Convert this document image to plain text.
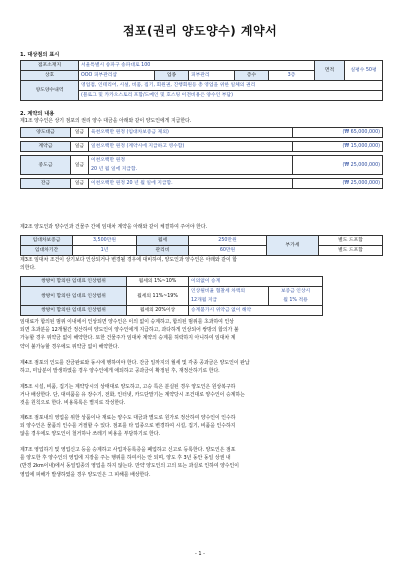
점포(권리 양도양수) 계약서
1. 대상점의 표시
점포소재지	서울특별시 송파구 송파대로 100					면적	실평수 50평
상호	OOO 피부관리샵	업종	피부관리	층수	3층		
양도양수내역	영업점, 인테리어, 시설, 비품, 집기, 회원권, 진행회원등 총 영업을 위한 일체의 권리						
	(블로그 및 카카오스토리 포함/도메인 및 호스팅 이전비용은 양수인 부담)						
2. 계약의 내용
제1조 양수인은 상기 점포의 권리 양수 대금을 아래와 같이 양도인에게 지급한다.
양도대금	일금	육천오백만 원정 (임대차보증금 제외)	(₩ 65,000,000)

계약금	일금	일천오백만 원정 (계약시에 지급하고 영수함)	(₩ 15,000,000)

중도금	일금	이천오백만 원정	(₩ 25,000,000)
		20 년 월 일에 지급함.	

잔금	일금	이천오백만 원정 20 년 월 일에 지급함.	(₩ 25,000,000)
제2조 양도인과 양수인과 건물주 간에 임대차 계약을 아래와 같이 체결하여 주어야 한다.
임대차보증금	3,500만원	월세	250만원	부가세	별도 드포함
임대차기간	1년	관리비	60만원		별도 드포함
제3조 임대차 조건이 상기보다 인상되거나 변경될 경우에 대비하여, 양도인과 양수인은 아래와 같이 합
의한다.
쌍방이 합의한 임대료 인상범위	월세의 1%~10%	이의없이 승계	
쌍방이 합의한 임대료 인상범위	월세의 11%~19%	인상될비율 협찰세 차액의	보증금 인상시
		12개월 지급	월 1% 적용
쌍방이 합의한 임대료 인상범위	월세의 20%이상	승계불가시 위약금 없이 해약	
임대료가 합의된 범위 이내에서 인상되면 양수인은 이의 없이 승계하고, 합의된 범위를 초과하여 인상
되면 초과분을 12개월간 정산하여 양도인이 양수인에게 지급하고, 과다하게 인상되어 쌍방의 합의가 불
가능할 경우 위약금 없이 해약한다. 또한 건물주가 임대차 계약의 승계를 허락하지 아니하여 임대차 계
약이 불가능할 경우에도 위약금 없이 해약한다.
제4조 점포의 인도를 잔금완료와 동시에 행하여야 한다. 잔금 일까지의 월세 및 각종 공과금은 양도인이 완납
하고, 미납분이 발생하였을 경우 양수인에게 애되하고 공과금이 확정된 후, 재정산하기로 한다.
제5조 시설, 비품, 집기는 계약당시의 상태대로 양도하고, 고승 특은 분실된 경우 양도인은 원상복구하
거나 배상한다. 단, 대여품을 유 장수기, 전화, 인터넷, 카드단말기는 계약당시 조건대로 양수인이 승계하는
것을 원칙으로 한다. 비용목록은 별지로 작성한다.
제6조 점포내의 영업을 위한 상품이나 재료는 양수도 대금과 별도로 원가로 정산하여 양수인이 인수하
되 양수인은 물품의 인수를 거절할 수 있다. 점포를 타 업종으로 변경하여 시설, 집기, 비품을 인수하지
않을 경우에도 양도인이 철거하나 쓰레기 비용을 부담하기로 한다.
제7조 영업하기 및 영업신고 등을 승계하고 사업자등록증을 폐업하고 신고로 등록한다. 양도인은 점포
를 양도한 후 양수인의 영업에 지장을 주는 행위를 하여서는 안 되며, 양도 후 3년 동안 동일 상권 내
(반경 2km이내)에서 동일업종의 영업을 하지 않는다. 만약 양도인의 고의 또는 과실로 인하여 양수인이
영업에 피해가 발생하였을 경우 양도인은 그 피해를 배상한다.
- 1 -
